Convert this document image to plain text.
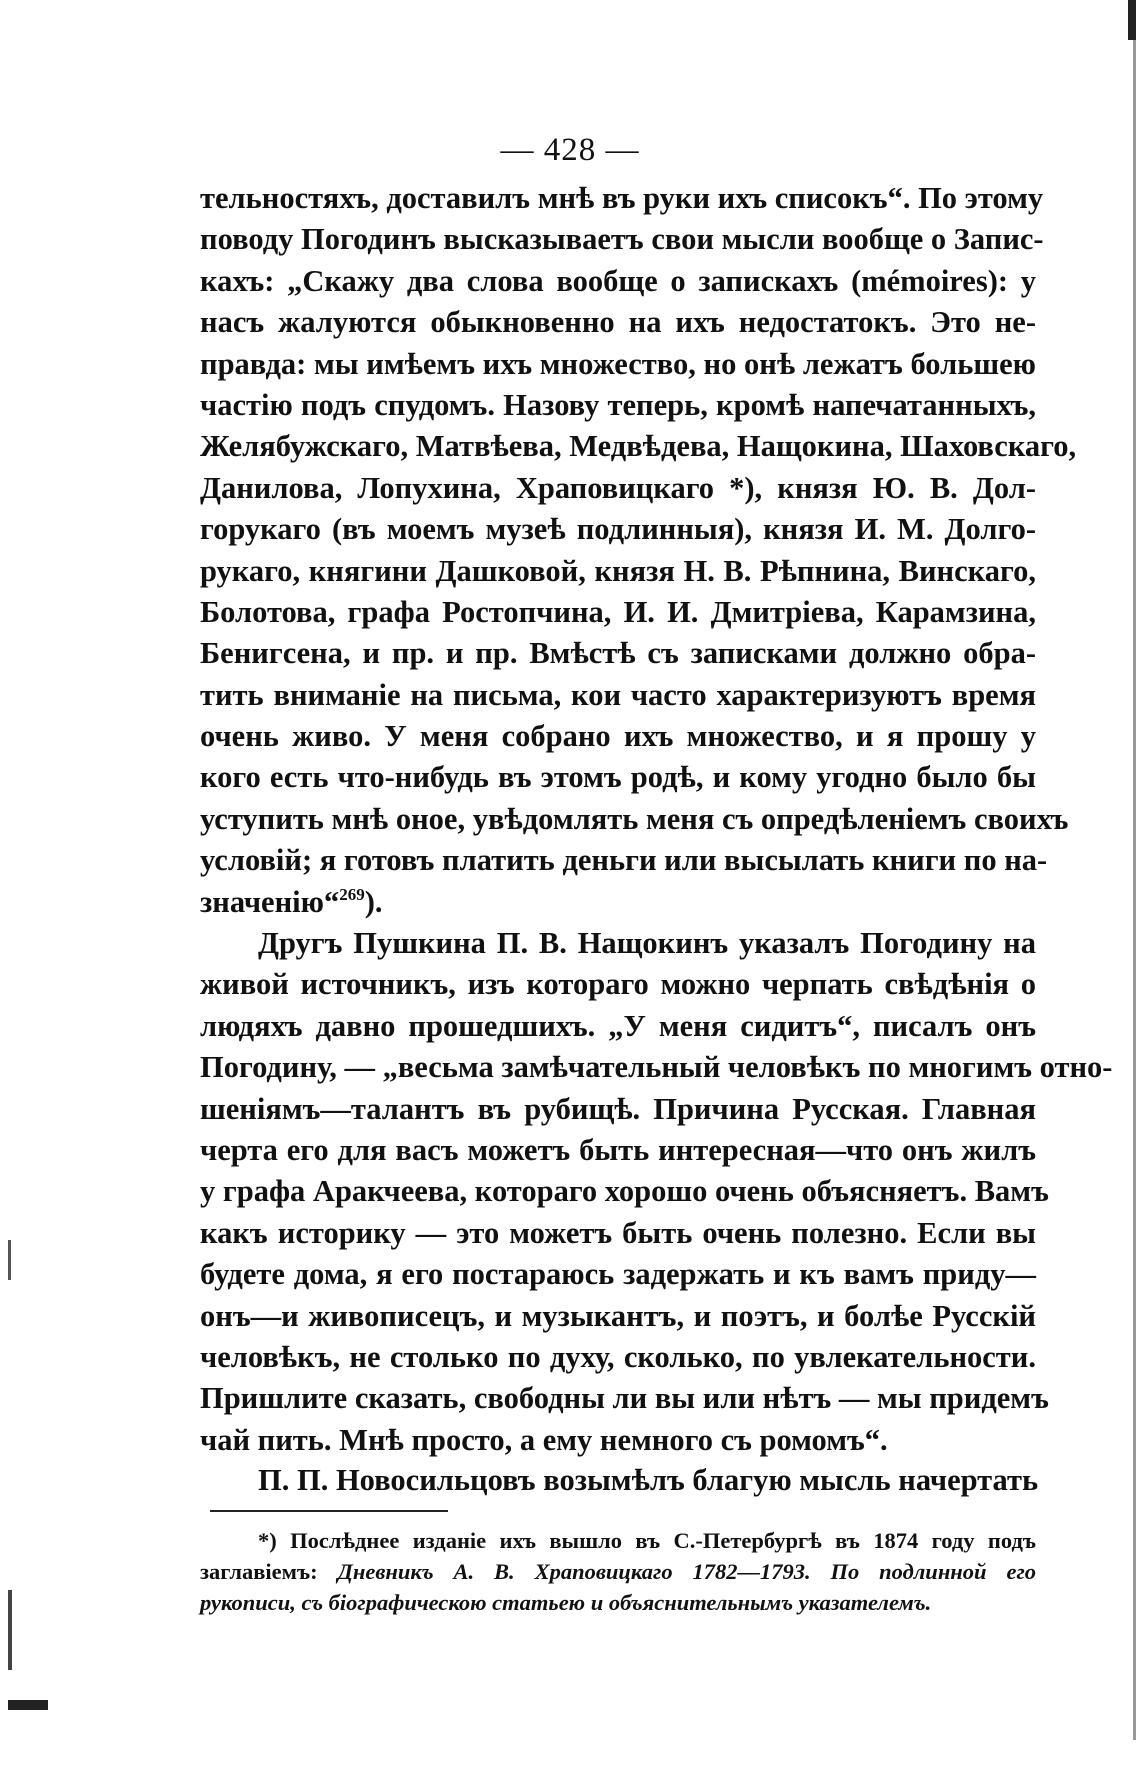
— 428 —
тельностяхъ, доставилъ мнѣ въ руки ихъ списокъ“. По этому
поводу Погодинъ высказываетъ свои мысли вообще о Запис-
кахъ: „Скажу два слова вообще о запискахъ (mémoires): у
насъ жалуются обыкновенно на ихъ недостатокъ. Это не-
правда: мы имѣемъ ихъ множество, но онѣ лежатъ большею
частію подъ спудомъ. Назову теперь, кромѣ напечатанныхъ,
Желябужскаго, Матвѣева, Медвѣдева, Нащокина, Шаховскаго,
Данилова, Лопухина, Храповицкаго *), князя Ю. В. Дол-
горукаго (въ моемъ музеѣ подлинныя), князя И. М. Долго-
рукаго, княгини Дашковой, князя Н. В. Рѣпнина, Винскаго,
Болотова, графа Ростопчина, И. И. Дмитріева, Карамзина,
Бенигсена, и пр. и пр. Вмѣстѣ съ записками должно обра-
тить вниманіе на письма, кои часто характеризуютъ время
очень живо. У меня собрано ихъ множество, и я прошу у
кого есть что-нибудь въ этомъ родѣ, и кому угодно было бы
уступить мнѣ оное, увѣдомлять меня съ опредѣленіемъ своихъ
условій; я готовъ платить деньги или высылать книги по на-
значенію“$^{269}$).
Другъ Пушкина П. В. Нащокинъ указалъ Погодину на
живой источникъ, изъ котораго можно черпать свѣдѣнія о
людяхъ давно прошедшихъ. „У меня сидитъ“, писалъ онъ
Погодину, — „весьма замѣчательный человѣкъ по многимъ отно-
шеніямъ—талантъ въ рубищѣ. Причина Русская. Главная
черта его для васъ можетъ быть интересная—что онъ жилъ
у графа Аракчеева, котораго хорошо очень объясняетъ. Вамъ
какъ историку — это можетъ быть очень полезно. Если вы
будете дома, я его постараюсь задержать и къ вамъ приду—
онъ—и живописецъ, и музыкантъ, и поэтъ, и болѣе Русскій
человѣкъ, не столько по духу, сколько, по увлекательности.
Пришлите сказать, свободны ли вы или нѣтъ — мы придемъ
чай пить. Мнѣ просто, а ему немного съ ромомъ“.
П. П. Новосильцовъ возымѣлъ благую мысль начертать
*) Послѣднее изданіе ихъ вышло въ С.-Петербургѣ въ 1874 году подъ
заглавіемъ: Дневникъ А. В. Храповицкаго 1782—1793. По подлинной его
рукописи, съ біографическою статьею и объяснительнымъ указателемъ.
